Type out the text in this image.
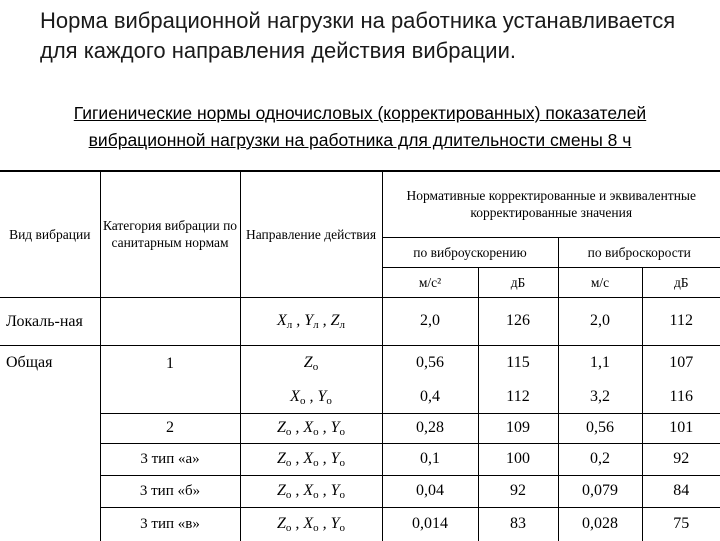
Норма вибрационной нагрузки на работника устанавливается для каждого направления действия вибрации.
Гигиенические нормы одночисловых (корректированных) показателей
вибрационной нагрузки на работника для длительности смены 8 ч
Вид вибрации	Категория вибрации по санитарным нормам	Направление действия	Нормативные корректированные и эквивалентные корректированные значения			
			по виброускорению		по виброскорости	
			м/с²	дБ	м/с	дБ
Локаль-ная		$X_л$ , $Y_л$ , $Z_л$	2,0	126	2,0	112
Общая	1	$Z_о$	0,56	115	1,1	107
		$X_о$ , $Y_о$	0,4	112	3,2	116
	2	$Z_о$ , $X_о$ , $Y_о$	0,28	109	0,56	101
	3 тип «а»	$Z_о$ , $X_о$ , $Y_о$	0,1	100	0,2	92
	3 тип «б»	$Z_о$ , $X_о$ , $Y_о$	0,04	92	0,079	84
	3 тип «в»	$Z_о$ , $X_о$ , $Y_о$	0,014	83	0,028	75
